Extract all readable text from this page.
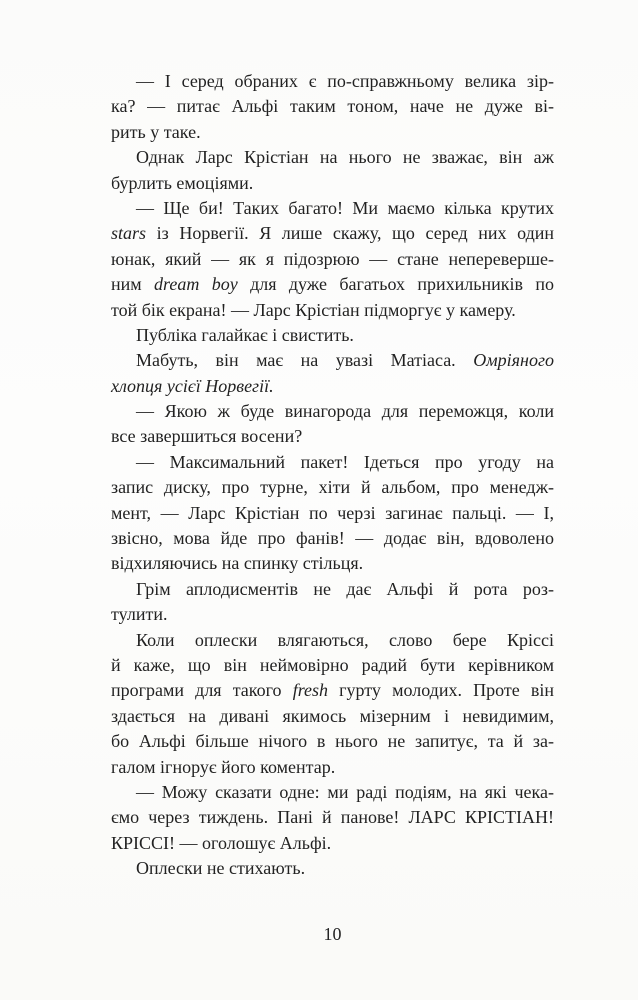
— І серед обраних є по-справжньому велика зір-
ка? — питає Альфі таким тоном, наче не дуже ві-
рить у таке.
Однак Ларс Крістіан на нього не зважає, він аж
бурлить емоціями.
— Ще би! Таких багато! Ми маємо кілька крутих
stars із Норвегії. Я лише скажу, що серед них один
юнак, який — як я підозрюю — стане непереверше-
ним dream boy для дуже багатьох прихильників по
той бік екрана! — Ларс Крістіан підморгує у камеру.
Публіка галайкає і свистить.
Мабуть, він має на увазі Матіаса. Омріяного
хлопця усієї Норвегії.
— Якою ж буде винагорода для переможця, коли
все завершиться восени?
— Максимальний пакет! Ідеться про угоду на
запис диску, про турне, хіти й альбом, про менедж-
мент, — Ларс Крістіан по черзі загинає пальці. — І,
звісно, мова йде про фанів! — додає він, вдоволено
відхиляючись на спинку стільця.
Грім аплодисментів не дає Альфі й рота роз-
тулити.
Коли оплески влягаються, слово бере Кріссі
й каже, що він неймовірно радий бути керівником
програми для такого fresh гурту молодих. Проте він
здається на дивані якимось мізерним і невидимим,
бо Альфі більше нічого в нього не запитує, та й за-
галом ігнорує його коментар.
— Можу сказати одне: ми раді подіям, на які чека-
ємо через тиждень. Пані й панове! ЛАРС КРІСТІАН!
КРІССІ! — оголошує Альфі.
Оплески не стихають.
10
